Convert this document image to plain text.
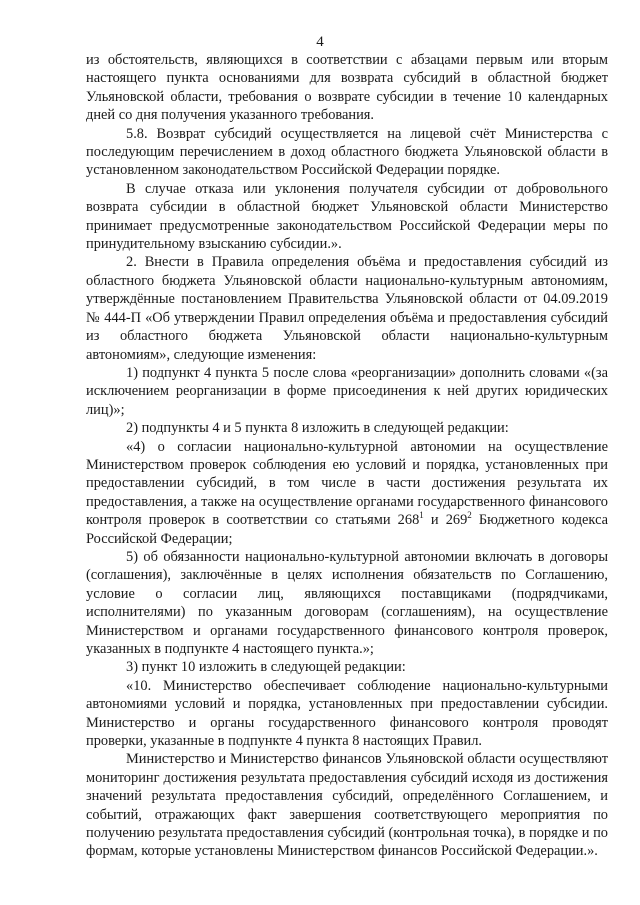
4

из обстоятельств, являющихся в соответствии с абзацами первым или вторым настоящего пункта основаниями для возврата субсидий в областной бюджет Ульяновской области, требования о возврате субсидии в течение 10 календарных дней со дня получения указанного требования.

5.8. Возврат субсидий осуществляется на лицевой счёт Министерства с последующим перечислением в доход областного бюджета Ульяновской области в установленном законодательством Российской Федерации порядке.

В случае отказа или уклонения получателя субсидии от добровольного возврата субсидии в областной бюджет Ульяновской области Министерство принимает предусмотренные законодательством Российской Федерации меры по принудительному взысканию субсидии.».

2. Внести в Правила определения объёма и предоставления субсидий из областного бюджета Ульяновской области национально-культурным автономиям, утверждённые постановлением Правительства Ульяновской области от 04.09.2019 № 444-П «Об утверждении Правил определения объёма и предоставления субсидий из областного бюджета Ульяновской области национально-культурным автономиям», следующие изменения:

1) подпункт 4 пункта 5 после слова «реорганизации» дополнить словами «(за исключением реорганизации в форме присоединения к ней других юридических лиц)»;

2) подпункты 4 и 5 пункта 8 изложить в следующей редакции:

«4) о согласии национально-культурной автономии на осуществление Министерством проверок соблюдения ею условий и порядка, установленных при предоставлении субсидий, в том числе в части достижения результата их предоставления, а также на осуществление органами государственного финансового контроля проверок в соответствии со статьями $268^1$ и $269^2$ Бюджетного кодекса Российской Федерации;

5) об обязанности национально-культурной автономии включать в договоры (соглашения), заключённые в целях исполнения обязательств по Соглашению, условие о согласии лиц, являющихся поставщиками (подрядчиками, исполнителями) по указанным договорам (соглашениям), на осуществление Министерством и органами государственного финансового контроля проверок, указанных в подпункте 4 настоящего пункта.»;

3) пункт 10 изложить в следующей редакции:

«10. Министерство обеспечивает соблюдение национально-культурными автономиями условий и порядка, установленных при предоставлении субсидии. Министерство и органы государственного финансового контроля проводят проверки, указанные в подпункте 4 пункта 8 настоящих Правил.

Министерство и Министерство финансов Ульяновской области осуществляют мониторинг достижения результата предоставления субсидий исходя из достижения значений результата предоставления субсидий, определённого Соглашением, и событий, отражающих факт завершения соответствующего мероприятия по получению результата предоставления субсидий (контрольная точка), в порядке и по формам, которые установлены Министерством финансов Российской Федерации.».
